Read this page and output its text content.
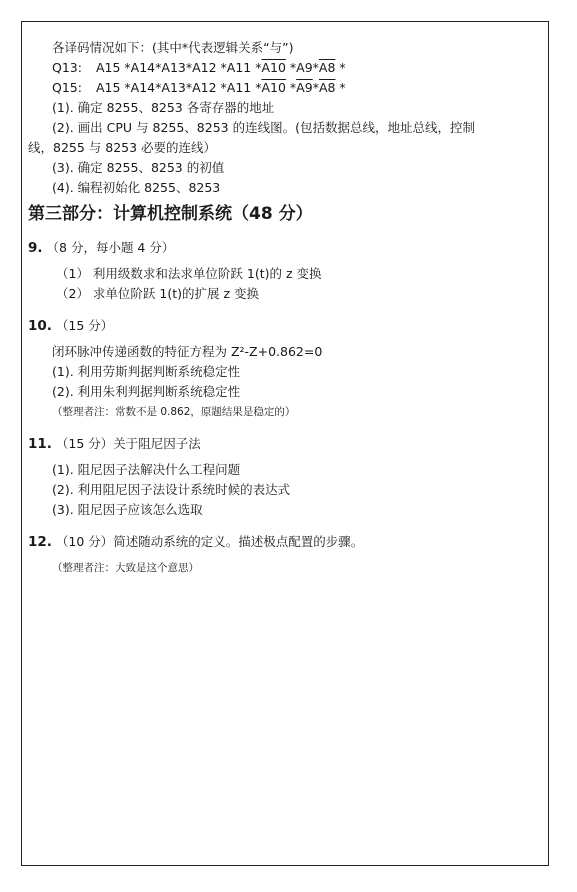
各译码情况如下：(其中*代表逻辑关系“与”)
Q13:	A15 *A14*A13*A12 *A11 *A10 *A9*A8 *
Q15:	A15 *A14*A13*A12 *A11 *A10 *A9*A8 *
(1). 确定 8255、8253 各寄存器的地址
(2). 画出 CPU 与 8255、8253 的连线图。(包括数据总线，地址总线，控制
线，8255 与 8253 必要的连线）
(3). 确定 8255、8253 的初值
(4). 编程初始化 8255、8253
第三部分：计算机控制系统（48 分）
9. （8 分，每小题 4 分）
（1） 利用级数求和法求单位阶跃 1(t)的 z 变换
（2） 求单位阶跃 1(t)的扩展 z 变换
10. （15 分）
闭环脉冲传递函数的特征方程为 Z²-Z+0.862=0
(1). 利用劳斯判据判断系统稳定性
(2). 利用朱利判据判断系统稳定性
（整理者注：常数不是 0.862，原题结果是稳定的）
11. （15 分）关于阻尼因子法
(1). 阻尼因子法解决什么工程问题
(2). 利用阻尼因子法设计系统时候的表达式
(3). 阻尼因子应该怎么选取
12. （10 分）简述随动系统的定义。描述极点配置的步骤。
（整理者注：大致是这个意思）
